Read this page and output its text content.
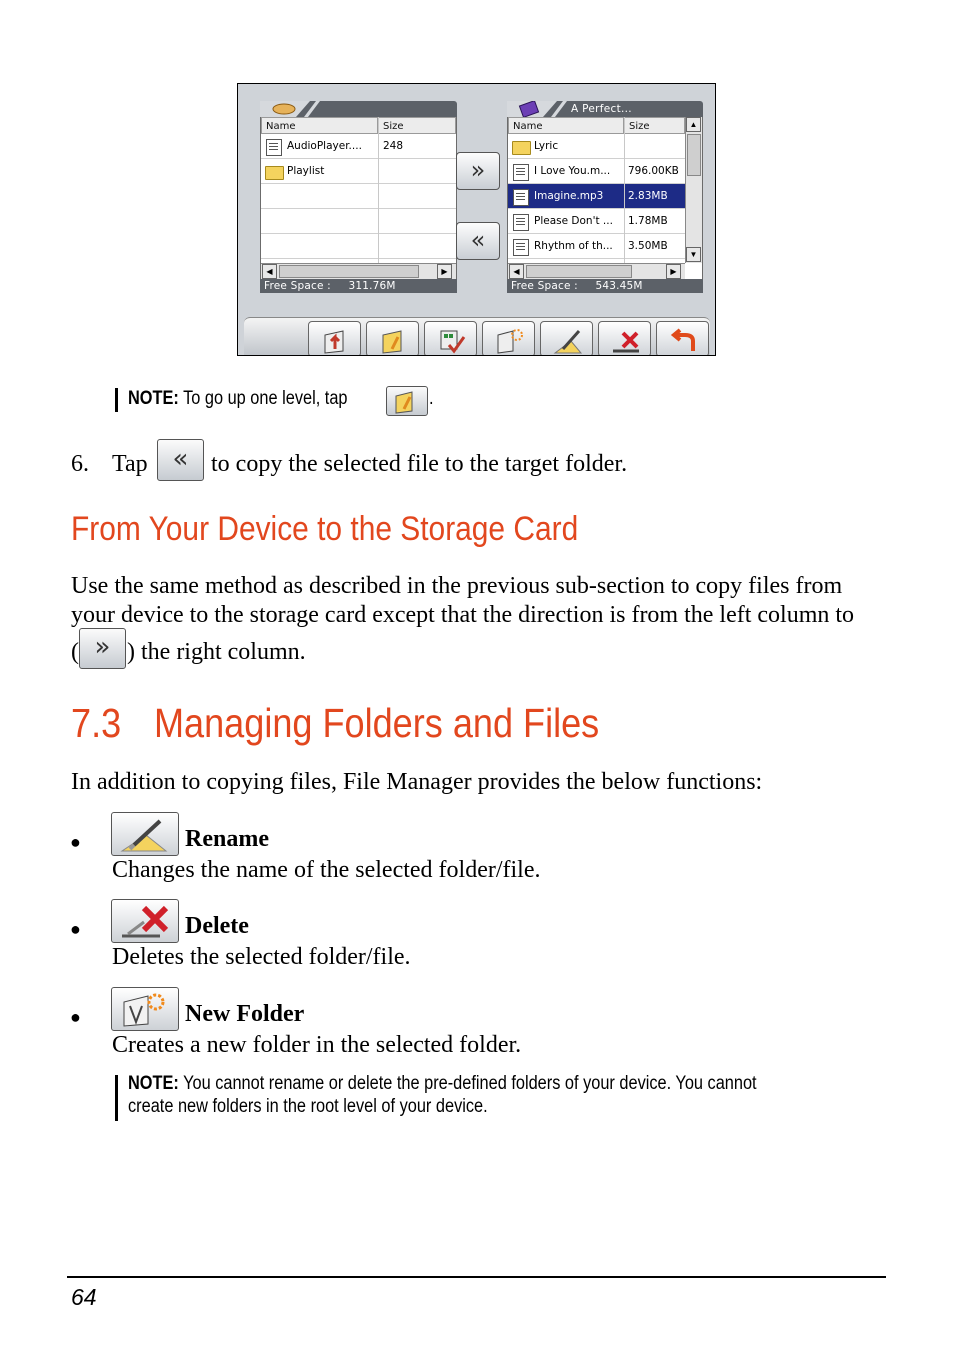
Name	Size
AudioPlayer.... 248
Playlist
◀	▶
Free Space : 311.76M
»
«
A Perfect...
Name	Size
Lyric
I Love You.m... 796.00KB
Imagine.mp3 2.83MB
Please Don't ... 1.78MB
Rhythm of th... 3.50MB
▲
▼
◀	▶
Free Space : 543.45M
NOTE: To go up one level, tap	.
6. Tap « to copy the selected file to the target folder.
From Your Device to the Storage Card
Use the same method as described in the previous sub-section to copy files from
your device to the storage card except that the direction is from the left column to
( » ) the right column.
7.3 Managing Folders and Files
In addition to copying files, File Manager provides the below functions:
●	Rename
Changes the name of the selected folder/file.
●	Delete
Deletes the selected folder/file.
●	New Folder
Creates a new folder in the selected folder.
NOTE: You cannot rename or delete the pre-defined folders of your device. You cannot
create new folders in the root level of your device.
64
